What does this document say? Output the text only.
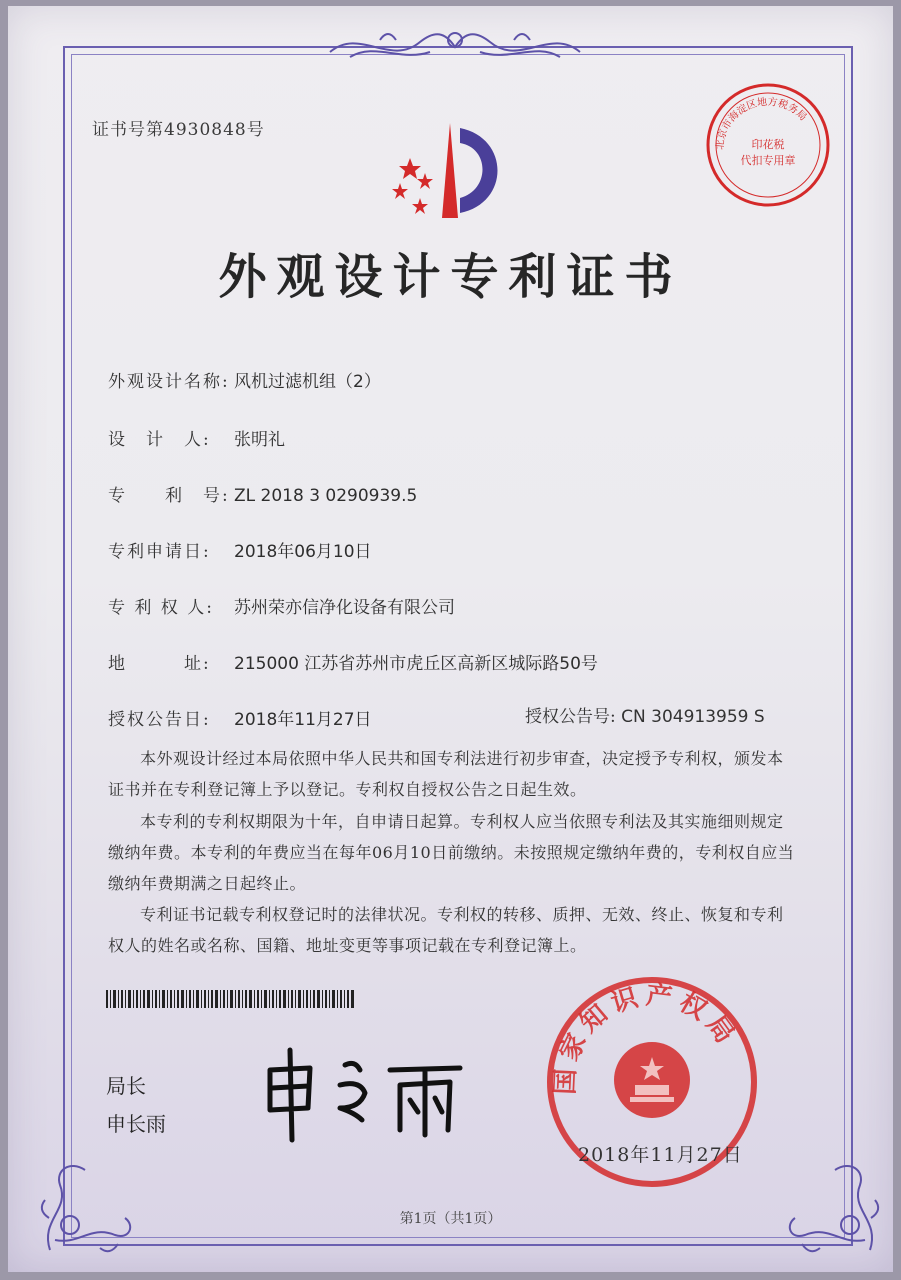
证书号第4930848号
外观设计专利证书
北京市海淀区地方税务局
印花税
代扣专用章
外观设计名称: 风机过滤机组（2）
设　计　人: 张明礼
专　　利　号: ZL 2018 3 0290939.5
专利申请日: 2018年06月10日
专 利 权 人: 苏州荣亦信净化设备有限公司
地　　　址: 215000 江苏省苏州市虎丘区高新区城际路50号
授权公告日: 2018年11月27日	授权公告号: CN 304913959 S

本外观设计经过本局依照中华人民共和国专利法进行初步审查，决定授予专利权，颁发本证书并在专利登记簿上予以登记。专利权自授权公告之日起生效。

本专利的专利权期限为十年，自申请日起算。专利权人应当依照专利法及其实施细则规定缴纳年费。本专利的年费应当在每年06月10日前缴纳。未按照规定缴纳年费的，专利权自应当缴纳年费期满之日起终止。

专利证书记载专利权登记时的法律状况。专利权的转移、质押、无效、终止、恢复和专利权人的姓名或名称、国籍、地址变更等事项记载在专利登记簿上。

局长
申长雨
国家知识产权局
2018年11月27日
第1页（共1页）
